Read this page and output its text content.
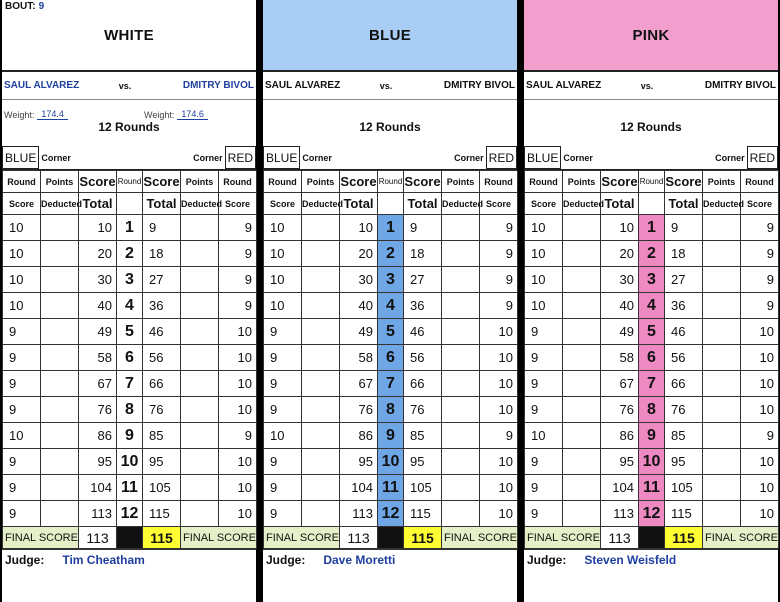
BOUT: 9
WHITE
SAUL ALVAREZ	vs.	DMITRY BIVOL
Weight: 174.4	Weight: 174.6
12 Rounds
BLUE Corner	Corner RED
Round	Points	Score	Round	Score	Points	Round
Score	Deducted	Total		Total	Deducted	Score
10		10	1	9		9
10		20	2	18		9
10		30	3	27		9
10		40	4	36		9
9		49	5	46		10
9		58	6	56		10
9		67	7	66		10
9		76	8	76		10
10		86	9	85		9
9		95	10	95		10
9		104	11	105		10
9		113	12	115		10
FINAL SCORE		113		115	FINAL SCORE	
Judge: Tim Cheatham
BLUE
SAUL ALVAREZ	vs.	DMITRY BIVOL
12 Rounds
BLUE Corner	Corner RED
Round	Points	Score	Round	Score	Points	Round
Score	Deducted	Total		Total	Deducted	Score
10		10	1	9		9
10		20	2	18		9
10		30	3	27		9
10		40	4	36		9
9		49	5	46		10
9		58	6	56		10
9		67	7	66		10
9		76	8	76		10
10		86	9	85		9
9		95	10	95		10
9		104	11	105		10
9		113	12	115		10
FINAL SCORE		113		115	FINAL SCORE	
Judge: Dave Moretti
PINK
SAUL ALVAREZ	vs.	DMITRY BIVOL
12 Rounds
BLUE Corner	Corner RED
Round	Points	Score	Round	Score	Points	Round
Score	Deducted	Total		Total	Deducted	Score
10		10	1	9		9
10		20	2	18		9
10		30	3	27		9
10		40	4	36		9
9		49	5	46		10
9		58	6	56		10
9		67	7	66		10
9		76	8	76		10
10		86	9	85		9
9		95	10	95		10
9		104	11	105		10
9		113	12	115		10
FINAL SCORE		113		115	FINAL SCORE	
Judge: Steven Weisfeld
